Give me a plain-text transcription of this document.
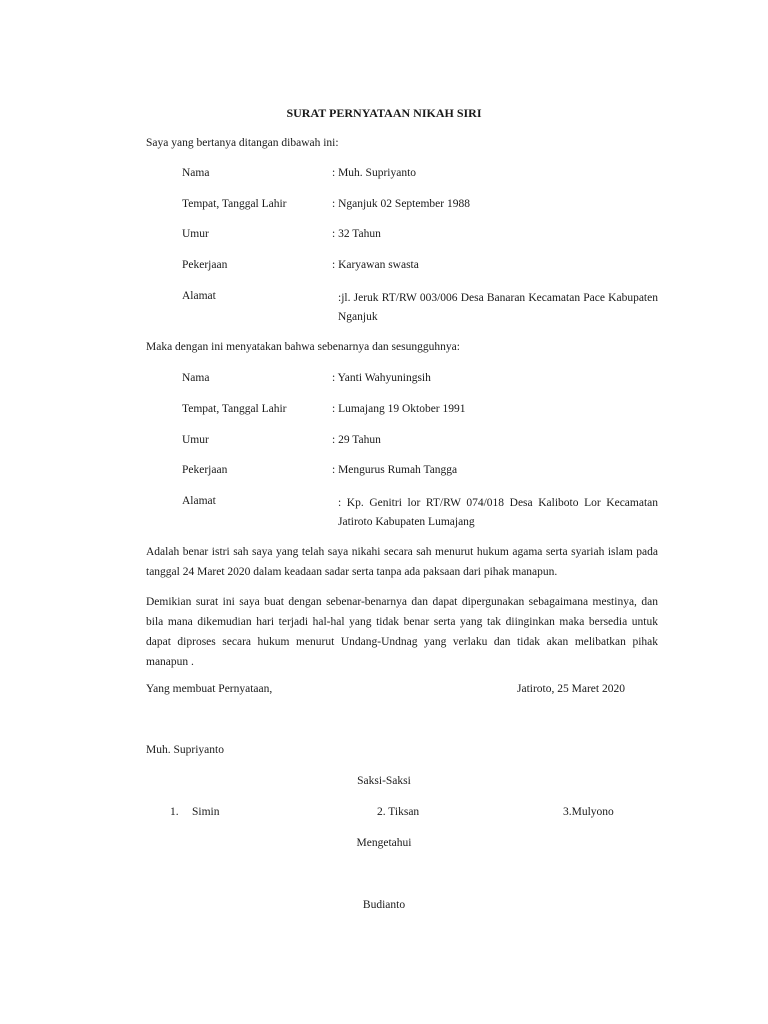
SURAT PERNYATAAN NIKAH SIRI
Saya yang bertanya ditangan dibawah ini:
Nama	: Muh. Supriyanto
Tempat, Tanggal Lahir	: Nganjuk 02 September 1988
Umur	: 32 Tahun
Pekerjaan	: Karyawan swasta
Alamat	:jl. Jeruk RT/RW 003/006 Desa Banaran Kecamatan Pace Kabupaten Nganjuk
Maka dengan ini menyatakan bahwa sebenarnya dan sesungguhnya:
Nama	: Yanti Wahyuningsih
Tempat, Tanggal Lahir	: Lumajang 19 Oktober 1991
Umur	: 29 Tahun
Pekerjaan	: Mengurus Rumah Tangga
Alamat	: Kp. Genitri lor RT/RW 074/018 Desa Kaliboto Lor Kecamatan Jatiroto Kabupaten Lumajang
Adalah benar istri sah saya yang telah saya nikahi secara sah menurut hukum agama serta syariah islam pada tanggal 24 Maret 2020 dalam keadaan sadar serta tanpa ada paksaan dari pihak manapun.
Demikian surat ini saya buat dengan sebenar-benarnya dan dapat dipergunakan sebagaimana mestinya, dan bila mana dikemudian hari terjadi hal-hal yang tidak benar serta yang tak diinginkan maka bersedia untuk dapat diproses secara hukum menurut Undang-Undnag yang verlaku dan tidak akan melibatkan pihak manapun .
Yang membuat Pernyataan,	Jatiroto, 25 Maret 2020
Muh. Supriyanto
Saksi-Saksi
1. Simin	2. Tiksan	3.Mulyono
Mengetahui
Budianto
